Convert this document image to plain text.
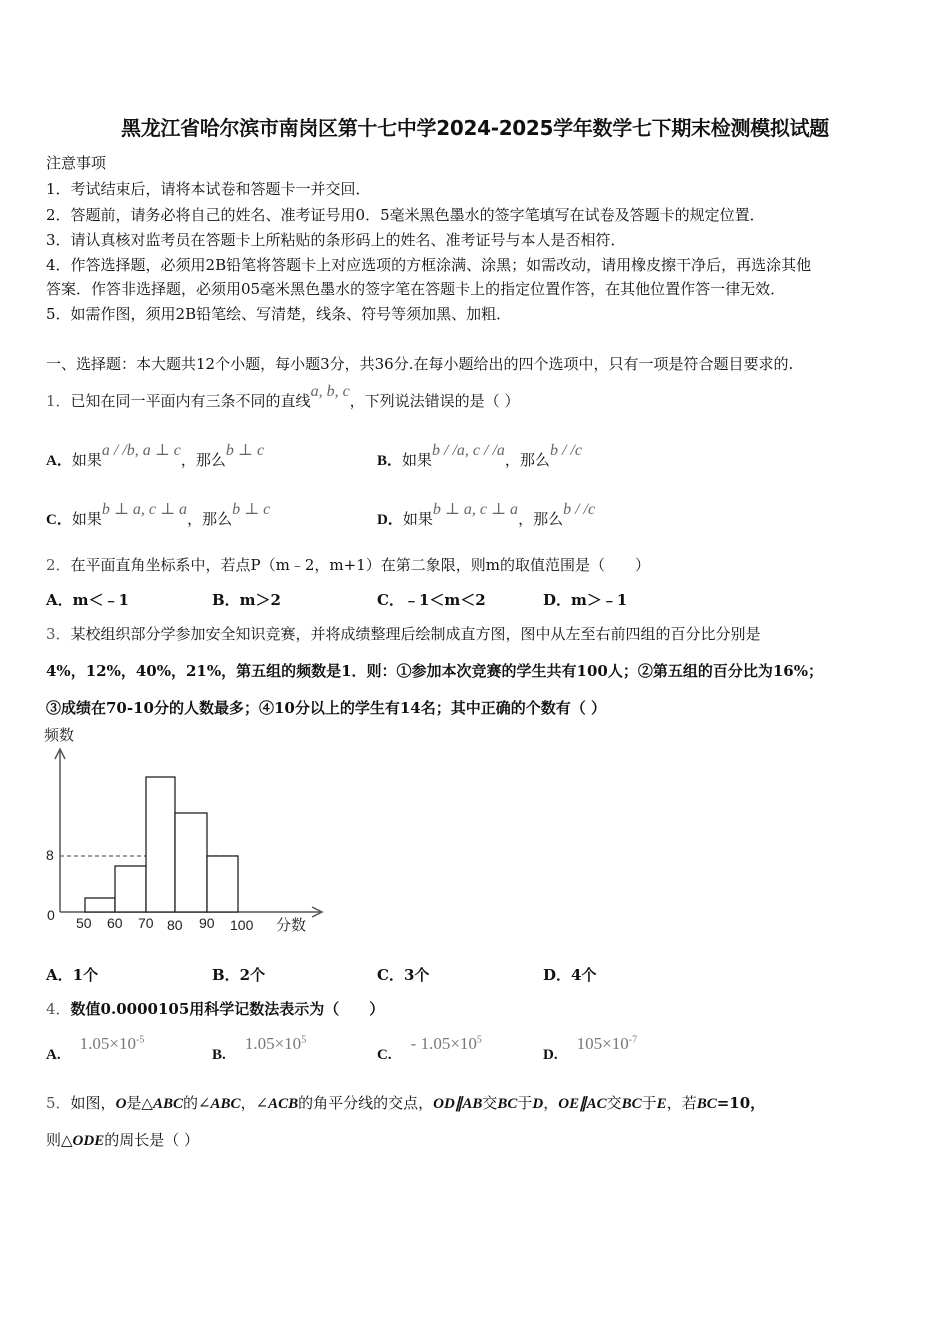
黑龙江省哈尔滨市南岗区第十七中学2024-2025学年数学七下期末检测模拟试题
注意事项
1．考试结束后，请将本试卷和答题卡一并交回．
2．答题前，请务必将自己的姓名、准考证号用0．5毫米黑色墨水的签字笔填写在试卷及答题卡的规定位置．
3．请认真核对监考员在答题卡上所粘贴的条形码上的姓名、准考证号与本人是否相符．
4．作答选择题，必须用2B铅笔将答题卡上对应选项的方框涂满、涂黑；如需改动，请用橡皮擦干净后，再选涂其他
答案．作答非选择题，必须用05毫米黑色墨水的签字笔在答题卡上的指定位置作答，在其他位置作答一律无效．
5．如需作图，须用2B铅笔绘、写清楚，线条、符号等须加黑、加粗．
一、选择题：本大题共12个小题，每小题3分，共36分.在每小题给出的四个选项中，只有一项是符合题目要求的.
1．已知在同一平面内有三条不同的直线a, b, c，下列说法错误的是（ ）
A．如果a / /b, a ⊥ c，那么b ⊥ c
B．如果b / /a, c / /a，那么b / /c
C．如果b ⊥ a, c ⊥ a，那么b ⊥ c
D．如果b ⊥ a, c ⊥ a，那么b / /c
2．在平面直角坐标系中，若点P（m﹣2，m+1）在第二象限，则m的取值范围是（　　）
A．m＜﹣1	B．m＞2	C．﹣1＜m＜2	D．m＞﹣1
3．某校组织部分学参加安全知识竞赛，并将成绩整理后绘制成直方图，图中从左至右前四组的百分比分别是
4%，12%，40%，21%，第五组的频数是1．则：①参加本次竞赛的学生共有100人；②第五组的百分比为16%；
③成绩在70-10分的人数最多；④10分以上的学生有14名；其中正确的个数有（ ）
频数
8
0 50 60 70 80 90 100 分数
A．1个	B．2个	C．3个	D．4个
4．数值0.0000105用科学记数法表示为（　　）
A.    $1.05\times 10^{-5}$
B.    $1.05\times 10^5$
C.    - $1.05\times 10^5$
D.    $105\times 10^{-7}$
5．如图，O是△ABC的∠ABC，∠ACB的角平分线的交点，OD∥AB交BC于D，OE∥AC交BC于E，若BC=10，
则△ODE的周长是（ ）
